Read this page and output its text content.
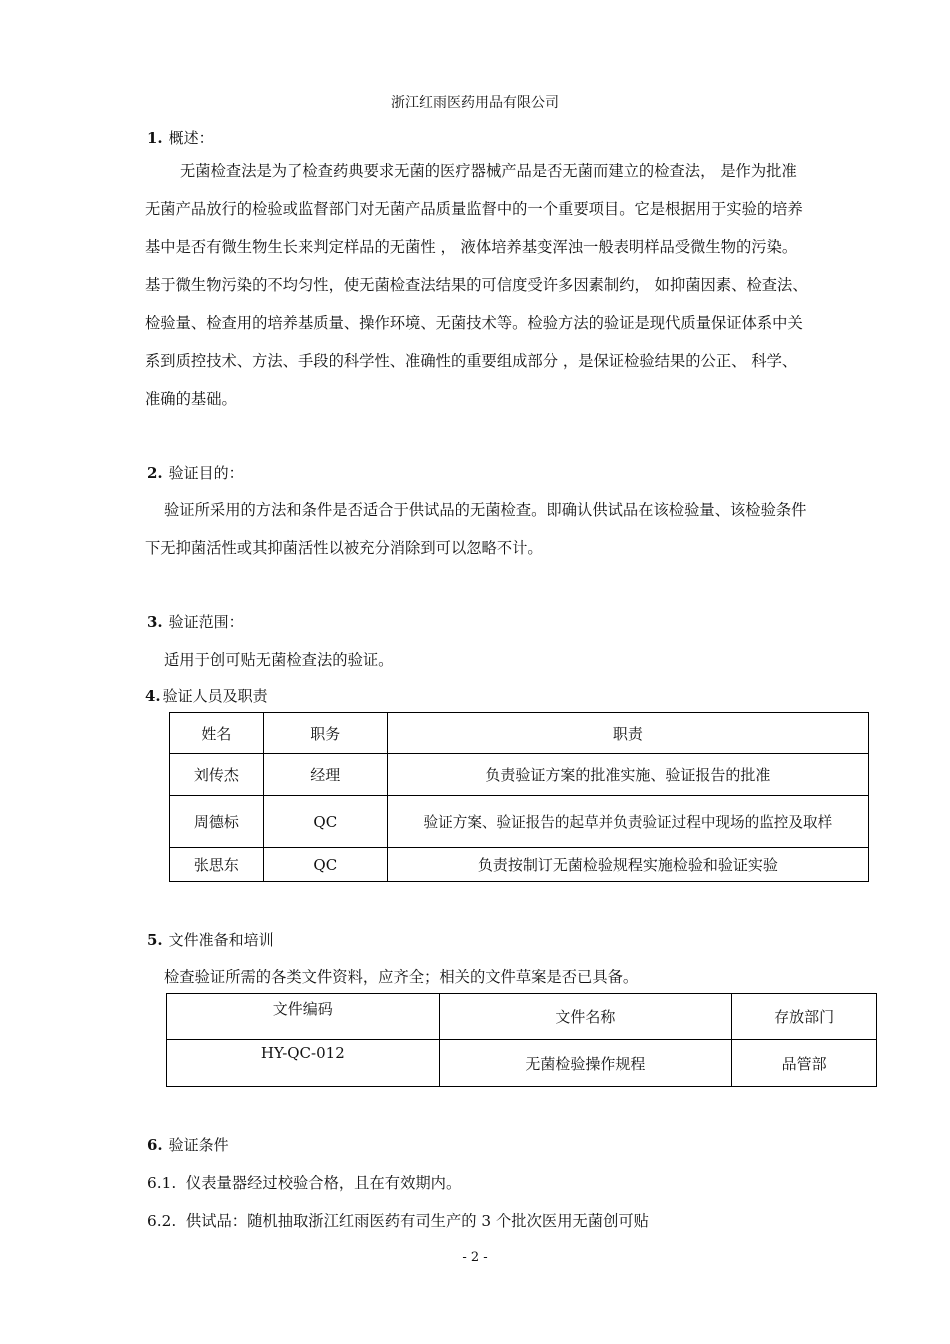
浙江红雨医药用品有限公司
1. 概述：
无菌检查法是为了检查药典要求无菌的医疗器械产品是否无菌而建立的检查法， 是作为批准
无菌产品放行的检验或监督部门对无菌产品质量监督中的一个重要项目。它是根据用于实验的培养
基中是否有微生物生长来判定样品的无菌性 ， 液体培养基变浑浊一般表明样品受微生物的污染。
基于微生物污染的不均匀性，使无菌检查法结果的可信度受许多因素制约， 如抑菌因素、检查法、
检验量、检查用的培养基质量、操作环境、无菌技术等。检验方法的验证是现代质量保证体系中关
系到质控技术、方法、手段的科学性、准确性的重要组成部分 ，是保证检验结果的公正、 科学、
准确的基础。
2. 验证目的：
验证所采用的方法和条件是否适合于供试品的无菌检查。即确认供试品在该检验量、该检验条件
下无抑菌活性或其抑菌活性以被充分消除到可以忽略不计。
3. 验证范围：
适用于创可贴无菌检查法的验证。
4. 验证人员及职责
姓名	职务	职责
刘传杰	经理	负责验证方案的批准实施、验证报告的批准
周德标	QC	验证方案、验证报告的起草并负责验证过程中现场的监控及取样
张思东	QC	负责按制订无菌检验规程实施检验和验证实验
5. 文件准备和培训
检查验证所需的各类文件资料，应齐全；相关的文件草案是否已具备。
文件编码	文件名称	存放部门
HY-QC-012	无菌检验操作规程	品管部
6. 验证条件
6.1.  仪表量器经过校验合格，且在有效期内。
6.2.  供试品：随机抽取浙江红雨医药有司生产的 3 个批次医用无菌创可贴
- 2 -
